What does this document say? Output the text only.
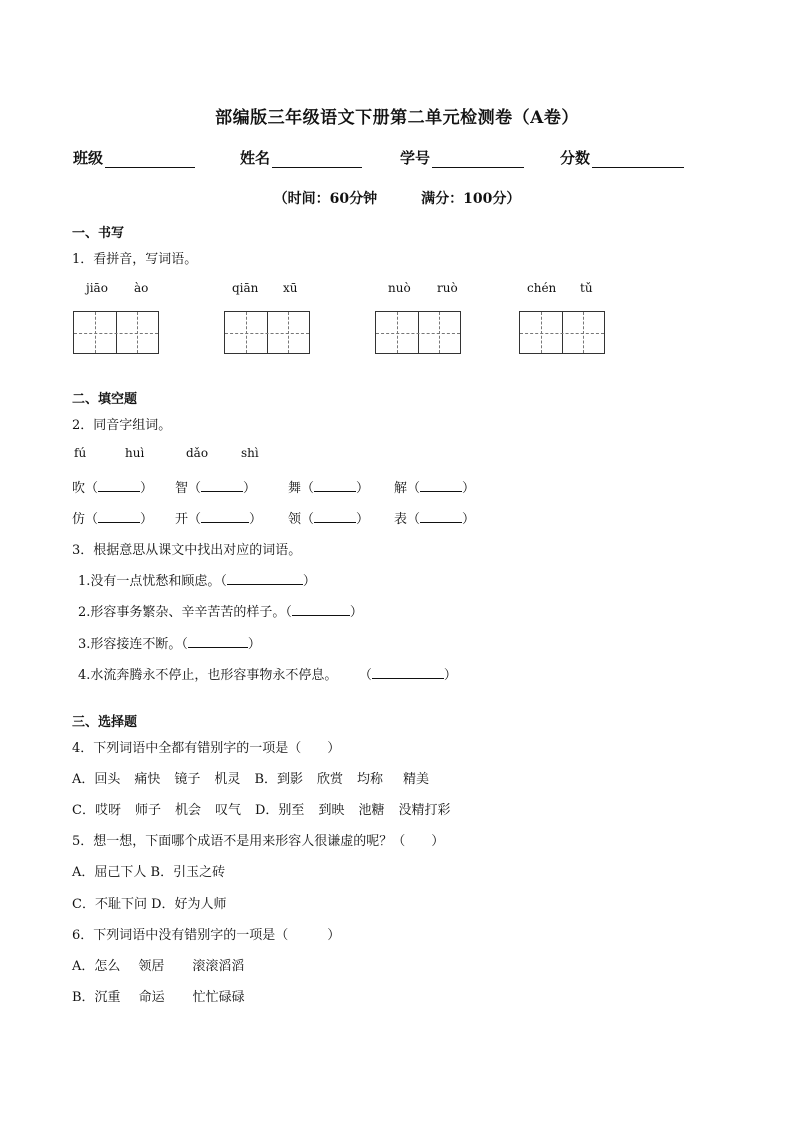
部编版三年级语文下册第二单元检测卷（A卷）
班级	姓名	学号	分数
（时间：60分钟	满分：100分）
一、书写
1．看拼音，写词语。
jiāo ào	qiān xū	nuò ruò	chén tǔ
二、填空题
2．同音字组词。
fú	huì	dǎo	shì
吹（	） 智（	） 舞（	） 解（	）
仿（	） 开（	） 领（	） 表（	）
3．根据意思从课文中找出对应的词语。
1.没有一点忧愁和顾虑。（	）
2.形容事务繁杂、辛辛苦苦的样子。（	）
3.形容接连不断。（	）
4.水流奔腾永不停止，也形容事物永不停息。 （	）
三、选择题
4．下列词语中全都有错别字的一项是（　　）
A．回头 痛快 镜子 机灵 B．到影 欣赏 均称 精美
C．哎呀 师子 机会 叹气 D．别至 到映 池糖 没精打彩
5．想一想，下面哪个成语不是用来形容人很谦虚的呢？（　　）
A．屈己下人 B．引玉之砖
C．不耻下问 D．好为人师
6．下列词语中没有错别字的一项是（　　　）
A．怎么 领居 滚滚滔滔
B．沉重 命运 忙忙碌碌
